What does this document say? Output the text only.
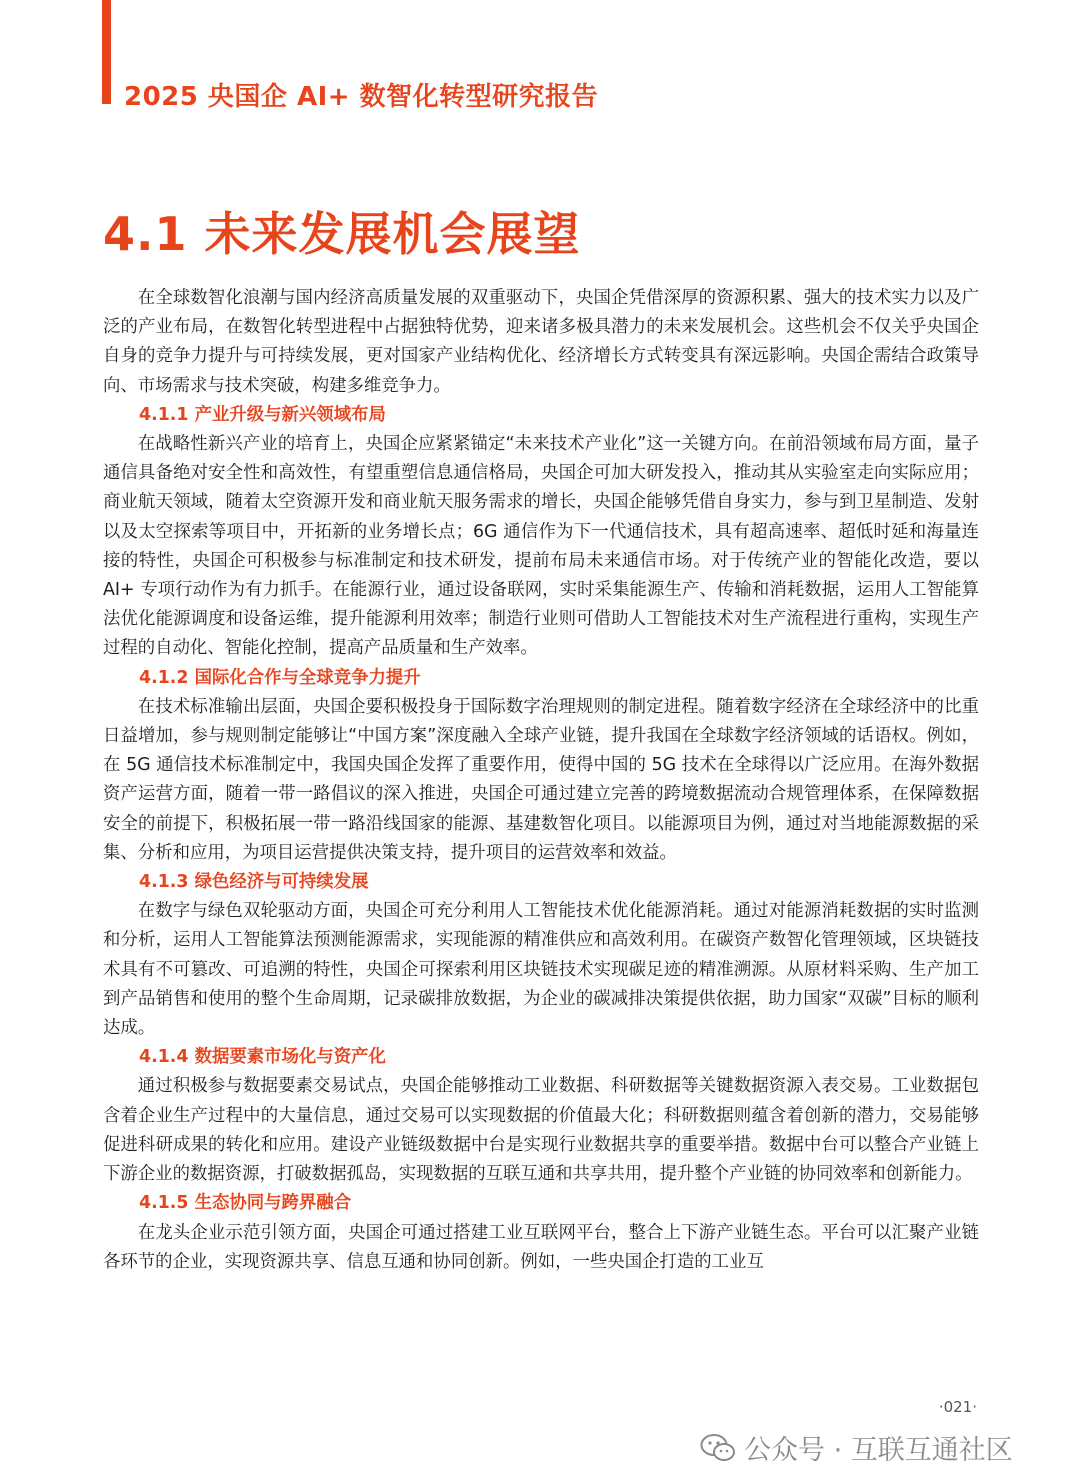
2025 央国企 AI+ 数智化转型研究报告
4.1 未来发展机会展望

在全球数智化浪潮与国内经济高质量发展的双重驱动下，央国企凭借深厚的资源积累、强大的技术实力以及广泛的产业布局，在数智化转型进程中占据独特优势，迎来诸多极具潜力的未来发展机会。这些机会不仅关乎央国企自身的竞争力提升与可持续发展，更对国家产业结构优化、经济增长方式转变具有深远影响。央国企需结合政策导向、市场需求与技术突破，构建多维竞争力。

4.1.1 产业升级与新兴领域布局

在战略性新兴产业的培育上，央国企应紧紧锚定“未来技术产业化”这一关键方向。在前沿领域布局方面，量子通信具备绝对安全性和高效性，有望重塑信息通信格局，央国企可加大研发投入，推动其从实验室走向实际应用；商业航天领域，随着太空资源开发和商业航天服务需求的增长，央国企能够凭借自身实力，参与到卫星制造、发射以及太空探索等项目中，开拓新的业务增长点；6G 通信作为下一代通信技术，具有超高速率、超低时延和海量连接的特性，央国企可积极参与标准制定和技术研发，提前布局未来通信市场。对于传统产业的智能化改造，要以 AI+ 专项行动作为有力抓手。在能源行业，通过设备联网，实时采集能源生产、传输和消耗数据，运用人工智能算法优化能源调度和设备运维，提升能源利用效率；制造行业则可借助人工智能技术对生产流程进行重构，实现生产过程的自动化、智能化控制，提高产品质量和生产效率。

4.1.2 国际化合作与全球竞争力提升

在技术标准输出层面，央国企要积极投身于国际数字治理规则的制定进程。随着数字经济在全球经济中的比重日益增加，参与规则制定能够让“中国方案”深度融入全球产业链，提升我国在全球数字经济领域的话语权。例如，在 5G 通信技术标准制定中，我国央国企发挥了重要作用，使得中国的 5G 技术在全球得以广泛应用。在海外数据资产运营方面，随着一带一路倡议的深入推进，央国企可通过建立完善的跨境数据流动合规管理体系，在保障数据安全的前提下，积极拓展一带一路沿线国家的能源、基建数智化项目。以能源项目为例，通过对当地能源数据的采集、分析和应用，为项目运营提供决策支持，提升项目的运营效率和效益。

4.1.3 绿色经济与可持续发展

在数字与绿色双轮驱动方面，央国企可充分利用人工智能技术优化能源消耗。通过对能源消耗数据的实时监测和分析，运用人工智能算法预测能源需求，实现能源的精准供应和高效利用。在碳资产数智化管理领域，区块链技术具有不可篡改、可追溯的特性，央国企可探索利用区块链技术实现碳足迹的精准溯源。从原材料采购、生产加工到产品销售和使用的整个生命周期，记录碳排放数据，为企业的碳减排决策提供依据，助力国家“双碳”目标的顺利达成。

4.1.4 数据要素市场化与资产化

通过积极参与数据要素交易试点，央国企能够推动工业数据、科研数据等关键数据资源入表交易。工业数据包含着企业生产过程中的大量信息，通过交易可以实现数据的价值最大化；科研数据则蕴含着创新的潜力，交易能够促进科研成果的转化和应用。建设产业链级数据中台是实现行业数据共享的重要举措。数据中台可以整合产业链上下游企业的数据资源，打破数据孤岛，实现数据的互联互通和共享共用，提升整个产业链的协同效率和创新能力。

4.1.5 生态协同与跨界融合

在龙头企业示范引领方面，央国企可通过搭建工业互联网平台，整合上下游产业链生态。平台可以汇聚产业链各环节的企业，实现资源共享、信息互通和协同创新。例如，一些央国企打造的工业互

·021·
公众号 · 互联互通社区
